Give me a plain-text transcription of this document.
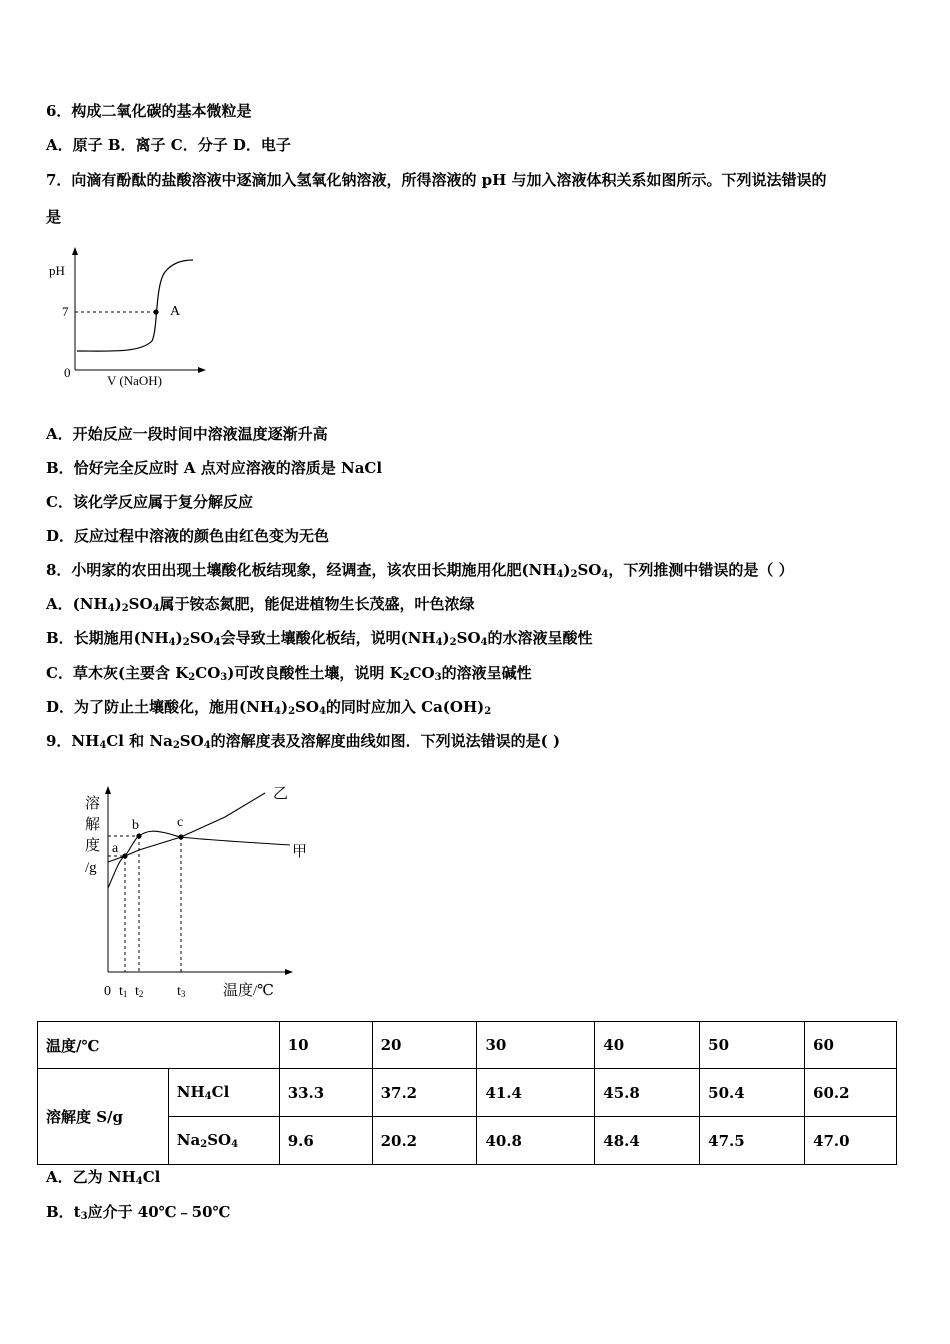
6．构成二氧化碳的基本微粒是
A．原子 B．离子 C．分子 D．电子
7．向滴有酚酞的盐酸溶液中逐滴加入氢氧化钠溶液，所得溶液的 pH 与加入溶液体积关系如图所示。下列说法错误的
是
pH
7	A
0
V (NaOH)
A．开始反应一段时间中溶液温度逐渐升高
B．恰好完全反应时 A 点对应溶液的溶质是 NaCl
C．该化学反应属于复分解反应
D．反应过程中溶液的颜色由红色变为无色
8．小明家的农田出现土壤酸化板结现象，经调查，该农田长期施用化肥$(NH_4)_2SO_4$，下列推测中错误的是（ ）
A．$(NH_4)_2SO_4$属于铵态氮肥，能促进植物生长茂盛，叶色浓绿
B．长期施用$(NH_4)_2SO_4$会导致土壤酸化板结，说明$(NH_4)_2SO_4$的水溶液呈酸性
C．草木灰(主要含 $K_2CO_3$)可改良酸性土壤，说明 $K_2CO_3$的溶液呈碱性
D．为了防止土壤酸化，施用$(NH_4)_2SO_4$的同时应加入 $Ca(OH)_2$
9．$NH_4Cl$ 和 $Na_2SO_4$的溶解度表及溶解度曲线如图．下列说法错误的是( )
溶
解
度
/g
a
b	c
乙
甲
0 t1 t2 t3	温度/℃
温度/℃		10	20	30	40	50	60
溶解度 S/g	$NH_4Cl$	33.3	37.2	41.4	45.8	50.4	60.2
	$Na_2SO_4$	9.6	20.2	40.8	48.4	47.5	47.0
A．乙为 $NH_4Cl$
B．$t_3$应介于 40℃﹣50℃
